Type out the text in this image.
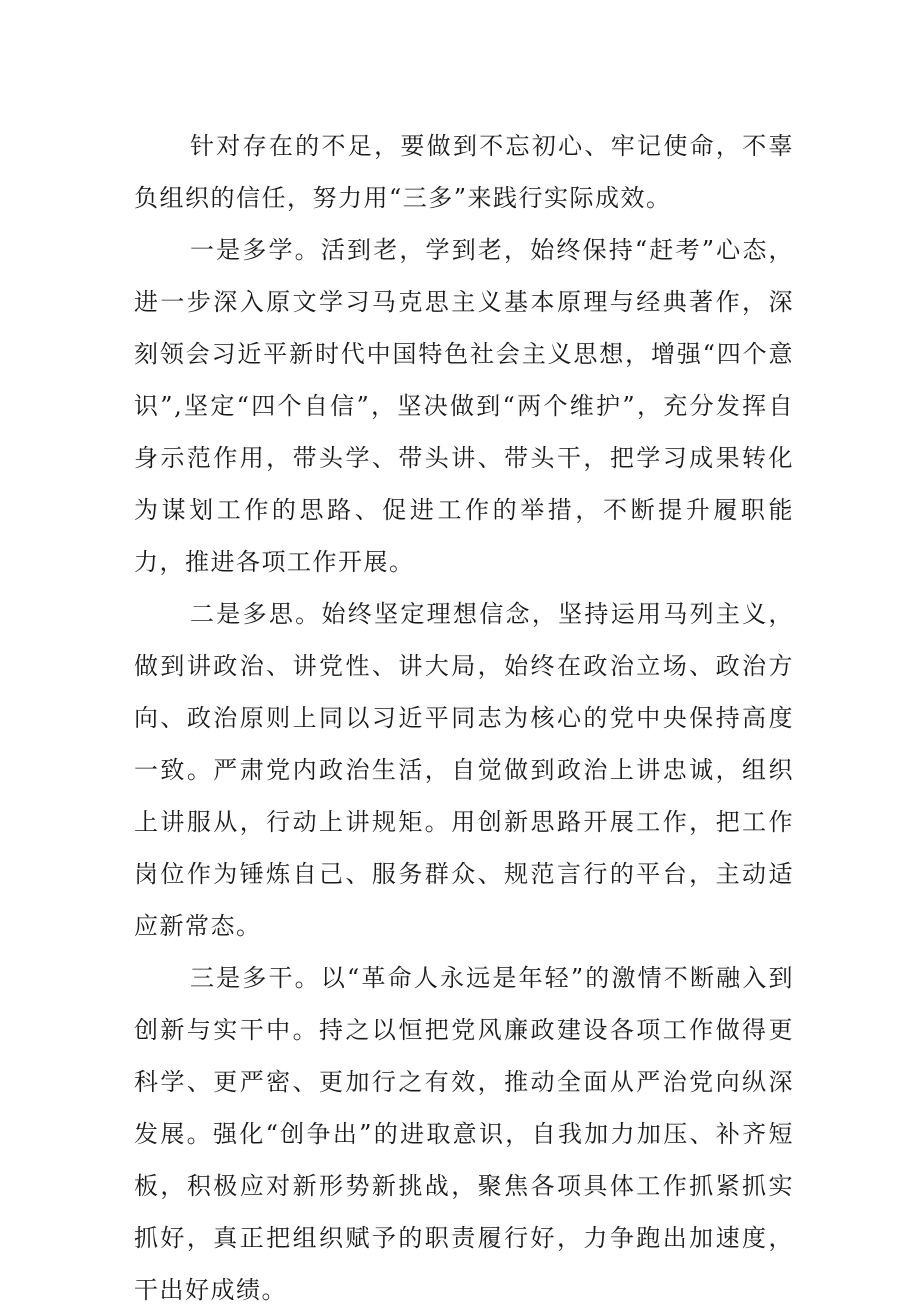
针对存在的不足，要做到不忘初心、牢记使命，不辜负组织的信任，努力用“三多”来践行实际成效。

一是多学。活到老，学到老，始终保持“赶考”心态，进一步深入原文学习马克思主义基本原理与经典著作，深刻领会习近平新时代中国特色社会主义思想，增强“四个意识”,坚定“四个自信”，坚决做到“两个维护”，充分发挥自身示范作用，带头学、带头讲、带头干，把学习成果转化为谋划工作的思路、促进工作的举措，不断提升履职能力，推进各项工作开展。

二是多思。始终坚定理想信念，坚持运用马列主义，做到讲政治、讲党性、讲大局，始终在政治立场、政治方向、政治原则上同以习近平同志为核心的党中央保持高度一致。严肃党内政治生活，自觉做到政治上讲忠诚，组织上讲服从，行动上讲规矩。用创新思路开展工作，把工作岗位作为锤炼自己、服务群众、规范言行的平台，主动适应新常态。

三是多干。以“革命人永远是年轻”的激情不断融入到创新与实干中。持之以恒把党风廉政建设各项工作做得更科学、更严密、更加行之有效，推动全面从严治党向纵深发展。强化“创争出”的进取意识，自我加力加压、补齐短板，积极应对新形势新挑战，聚焦各项具体工作抓紧抓实抓好，真正把组织赋予的职责履行好，力争跑出加速度，干出好成绩。
